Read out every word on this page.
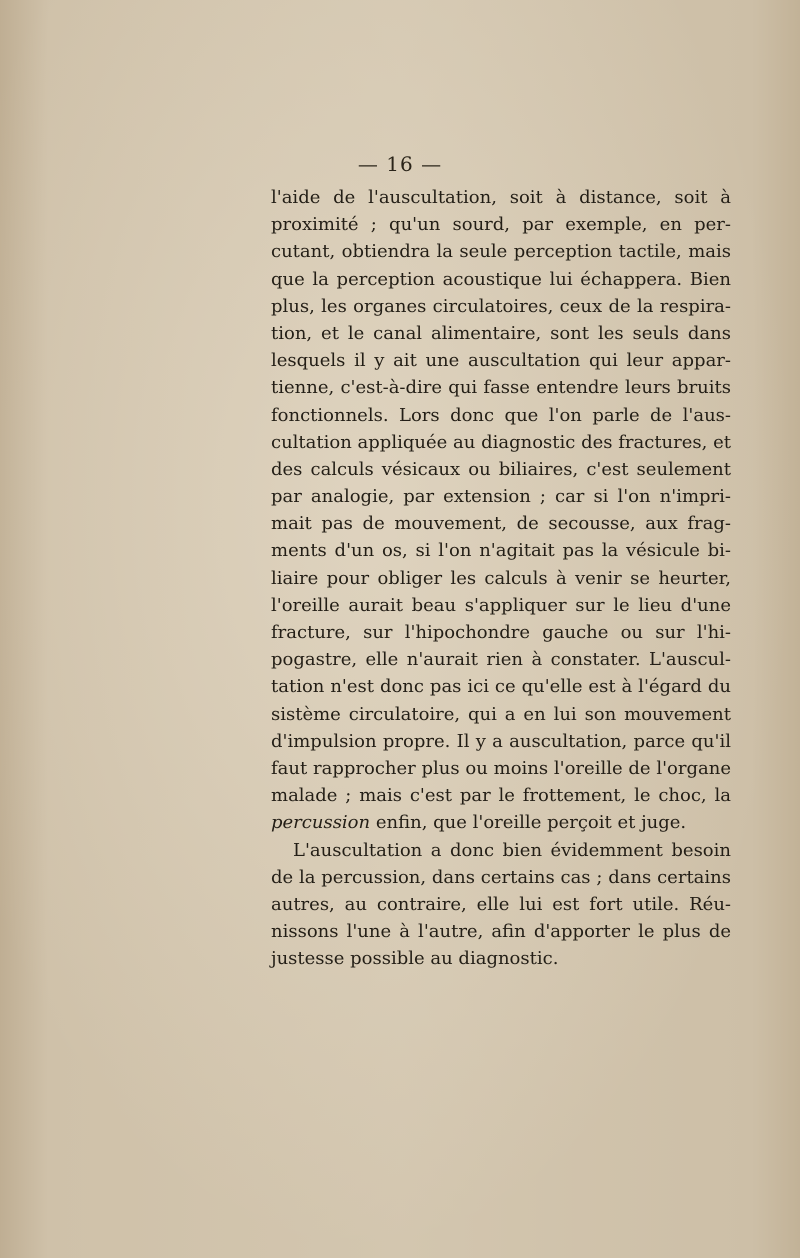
— 16 —
l'aide de l'auscultation, soit à distance, soit à
proximité ; qu'un sourd, par exemple, en per-
cutant, obtiendra la seule perception tactile, mais
que la perception acoustique lui échappera. Bien
plus, les organes circulatoires, ceux de la respira-
tion, et le canal alimentaire, sont les seuls dans
lesquels il y ait une auscultation qui leur appar-
tienne, c'est-à-dire qui fasse entendre leurs bruits
fonctionnels. Lors donc que l'on parle de l'aus-
cultation appliquée au diagnostic des fractures, et
des calculs vésicaux ou biliaires, c'est seulement
par analogie, par extension ; car si l'on n'impri-
mait pas de mouvement, de secousse, aux frag-
ments d'un os, si l'on n'agitait pas la vésicule bi-
liaire pour obliger les calculs à venir se heurter,
l'oreille aurait beau s'appliquer sur le lieu d'une
fracture, sur l'hipochondre gauche ou sur l'hi-
pogastre, elle n'aurait rien à constater. L'auscul-
tation n'est donc pas ici ce qu'elle est à l'égard du
sistème circulatoire, qui a en lui son mouvement
d'impulsion propre. Il y a auscultation, parce qu'il
faut rapprocher plus ou moins l'oreille de l'organe
malade ; mais c'est par le frottement, le choc, la
percussion enfin, que l'oreille perçoit et juge.
L'auscultation a donc bien évidemment besoin
de la percussion, dans certains cas ; dans certains
autres, au contraire, elle lui est fort utile. Réu-
nissons l'une à l'autre, afin d'apporter le plus de
justesse possible au diagnostic.
